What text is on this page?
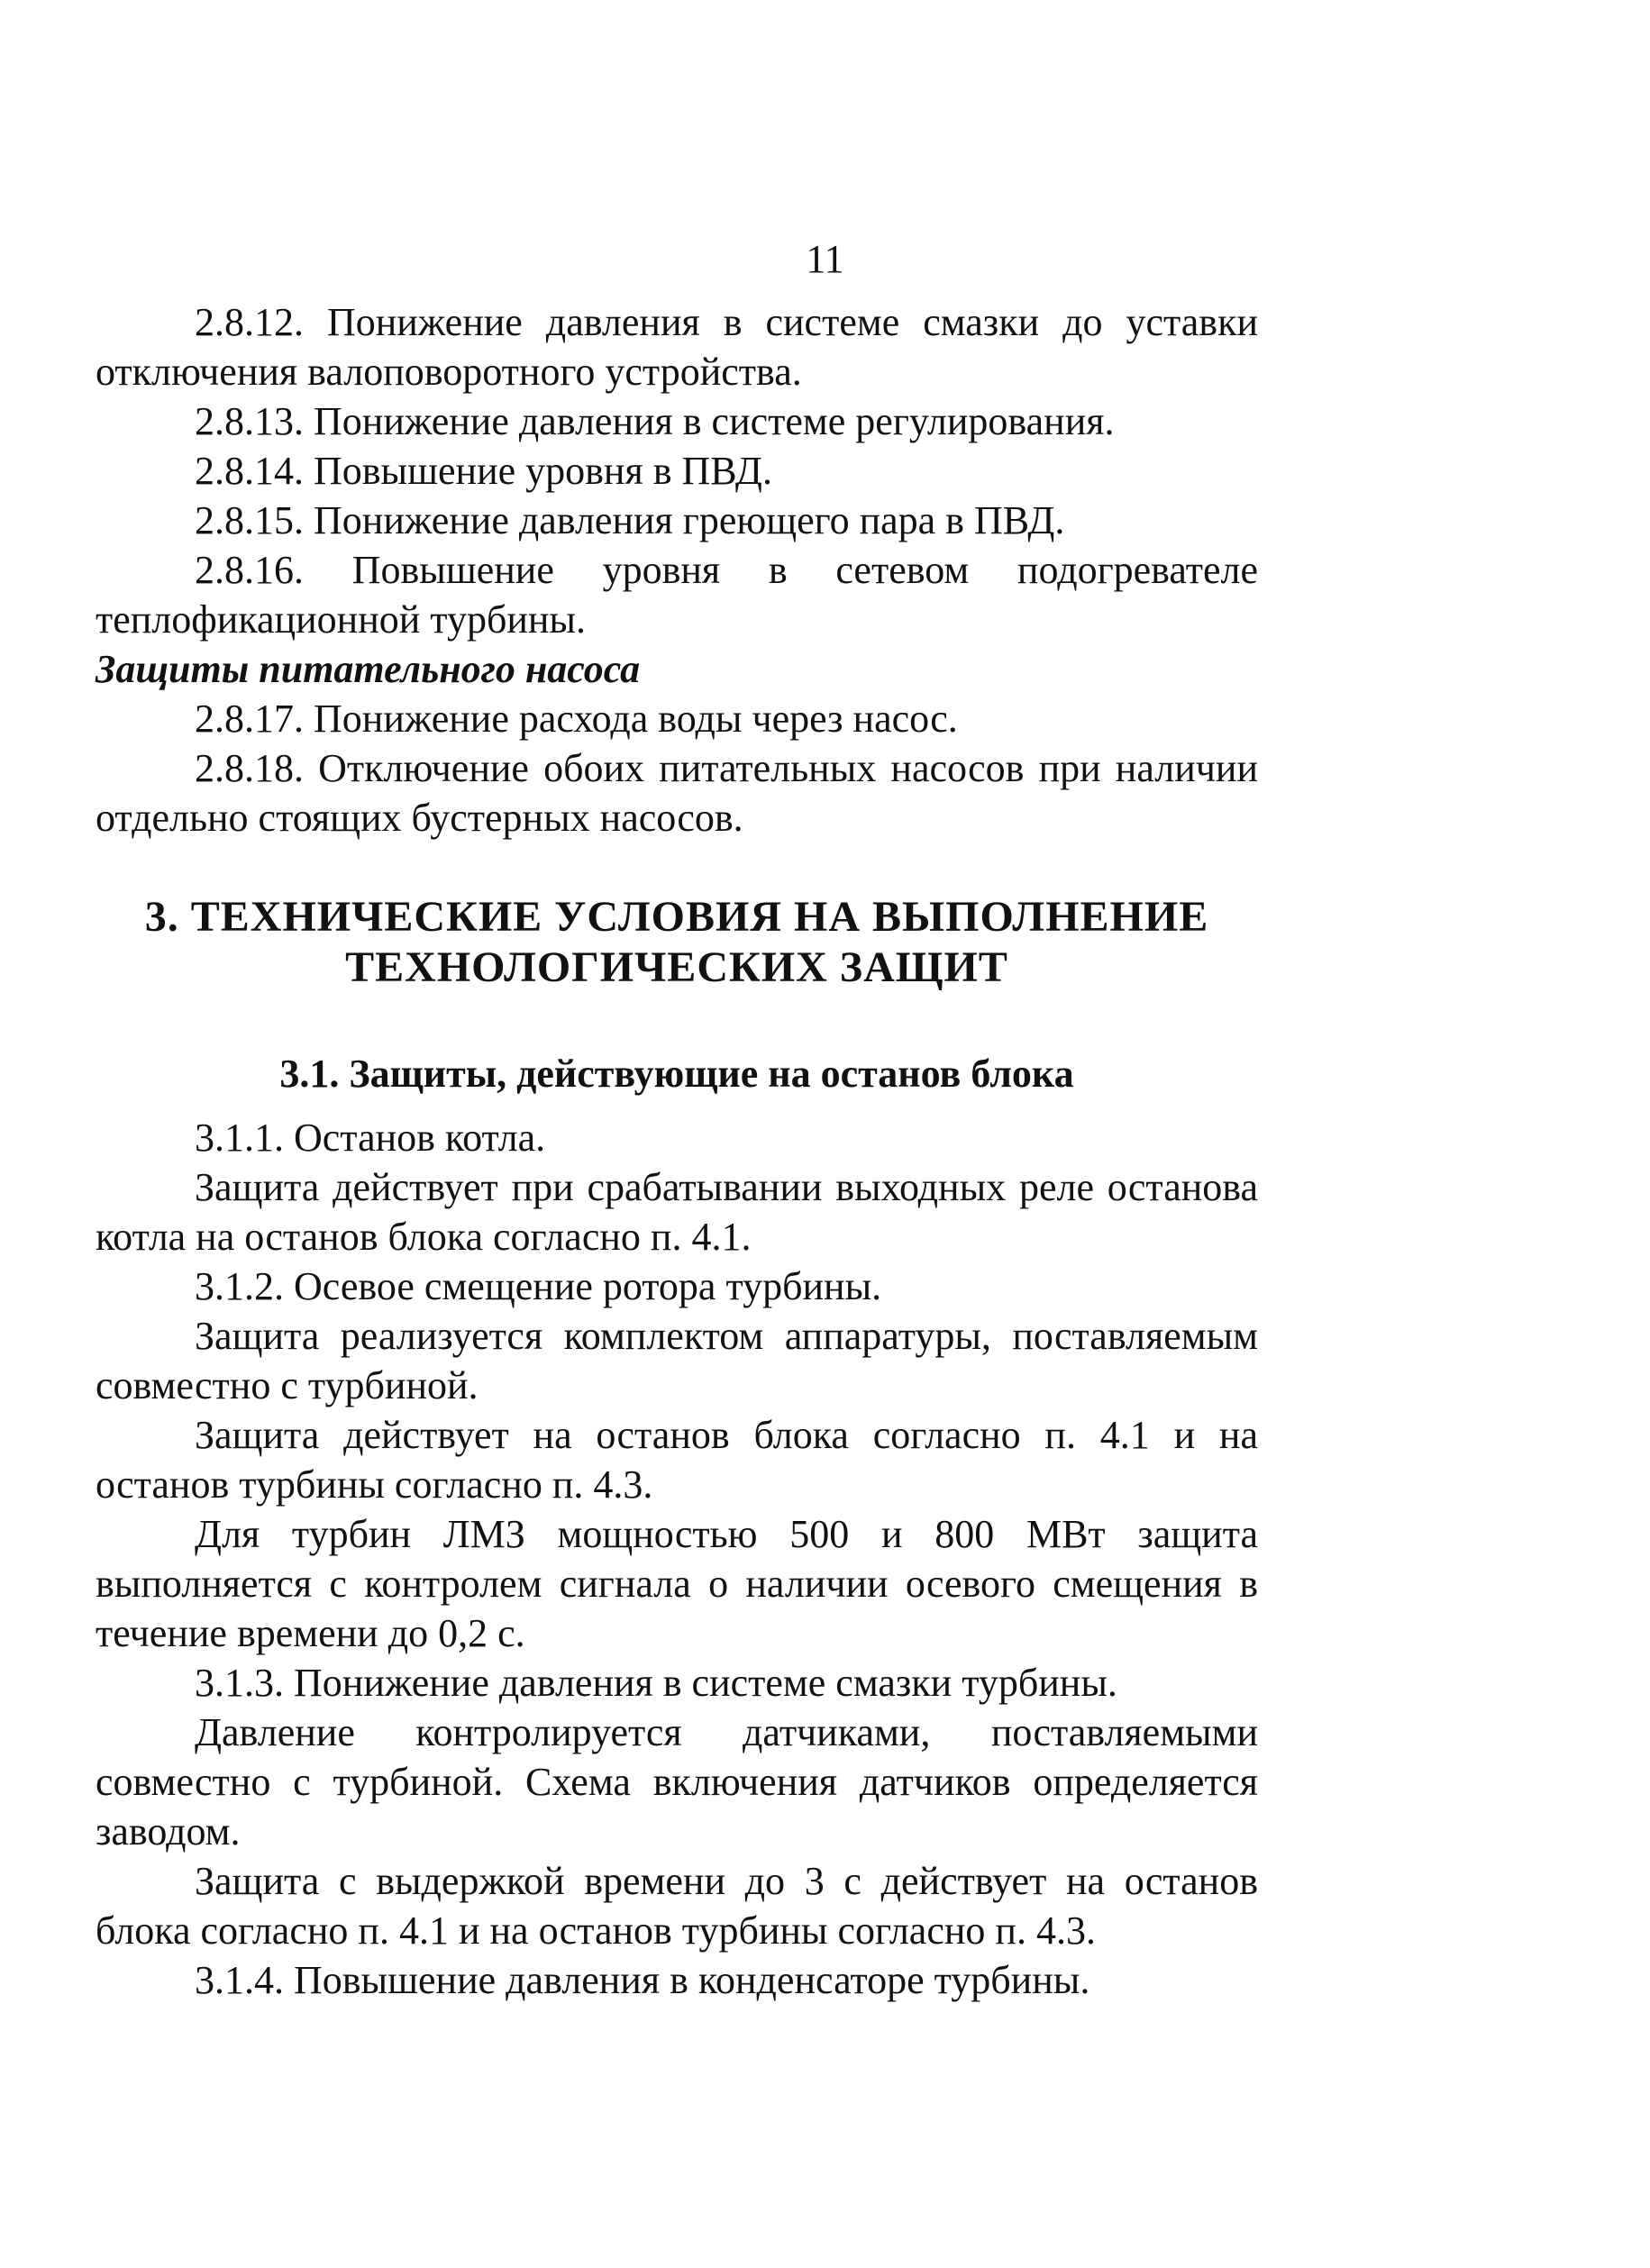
11

2.8.12. Понижение давления в системе смазки до уставки отключения валоповоротного устройства.

2.8.13. Понижение давления в системе регулирования.

2.8.14. Повышение уровня в ПВД.

2.8.15. Понижение давления греющего пара в ПВД.

2.8.16. Повышение уровня в сетевом подогревателе теплофикационной турбины.

Защиты питательного насоса

2.8.17. Понижение расхода воды через насос.

2.8.18. Отключение обоих питательных насосов при наличии отдельно стоящих бустерных насосов.

3. ТЕХНИЧЕСКИЕ УСЛОВИЯ НА ВЫПОЛНЕНИЕ
ТЕХНОЛОГИЧЕСКИХ ЗАЩИТ
3.1. Защиты, действующие на останов блока

3.1.1. Останов котла.

Защита действует при срабатывании выходных реле останова котла на останов блока согласно п. 4.1.

3.1.2. Осевое смещение ротора турбины.

Защита реализуется комплектом аппаратуры, поставляемым совместно с турбиной.

Защита действует на останов блока согласно п. 4.1 и на останов турбины согласно п. 4.3.

Для турбин ЛМЗ мощностью 500 и 800 МВт защита выполняется с контролем сигнала о наличии осевого смещения в течение времени до 0,2 с.

3.1.3. Понижение давления в системе смазки турбины.

Давление контролируется датчиками, поставляемыми совместно с турбиной. Схема включения датчиков определяется заводом.

Защита с выдержкой времени до 3 с действует на останов блока согласно п. 4.1 и на останов турбины согласно п. 4.3.

3.1.4. Повышение давления в конденсаторе турбины.
